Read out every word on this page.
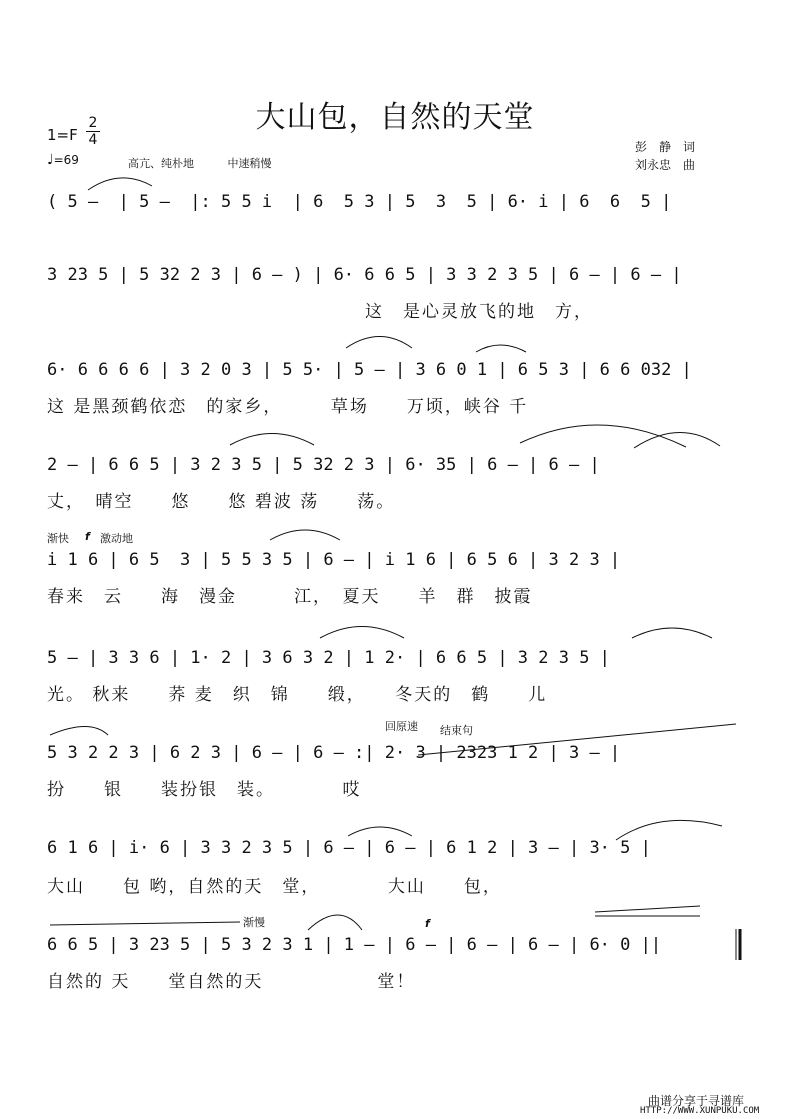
大山包，自然的天堂
1=F
2
4
♩=69	高亢、纯朴地	中速稍慢
彭　静　词
刘永忠　曲
( 5 –  | 5 –  |: 5 5 i  | 6  5 3 | 5  3  5 | 6· i | 6  6  5 |
3 23 5 | 5 32 2 3 | 6 – ) | 6· 6 6 5 | 3 3 2 3 5 | 6 – | 6 – |
这　是心灵放飞的地　方，
6· 6 6 6 6 | 3 2 0 3 | 5 5· | 5 – | 3 6 0 1 | 6 5 3 | 6 6 032 |
这 是黑颈鹤依恋　的家乡，　　　草场　　万顷，峡谷 千
2 – | 6 6 5 | 3 2 3 5 | 5 32 2 3 | 6· 35 | 6 – | 6 – |
丈，　晴空　　悠　　悠 碧波 荡　　荡。
渐快 f 激动地
i 1 6 | 6 5  3 | 5 5 3 5 | 6 – | i 1 6 | 6 5 6 | 3 2 3 |
春来　云　　海　漫金　　　江，　夏天　　羊　群　披霞
5 – | 3 3 6 | 1· 2 | 3 6 3 2 | 1 2· | 6 6 5 | 3 2 3 5 |
光。 秋来　　荞 麦　织　锦　　缎，　　冬天的　鹤　　儿
回原速 结束句
5 3 2 2 3 | 6 2 3 | 6 – | 6 – :| 2· 3 | 2323 1 2 | 3 – |
扮　　银　　装扮银　装。　　　　哎
6 1 6 | i· 6 | 3 3 2 3 5 | 6 – | 6 – | 6 1 2 | 3 – | 3· 5 |
大山　　包 哟，自然的天　堂，　　　　大山　　包，
渐慢	f
6 6 5 | 3 23 5 | 5 3 2 3 1 | 1 – | 6 – | 6 – | 6 – | 6· 0 ||
自然的 天　　堂自然的天　　　　　　堂！
曲谱分享于寻谱库
HTTP://WWW.XUNPUKU.COM
